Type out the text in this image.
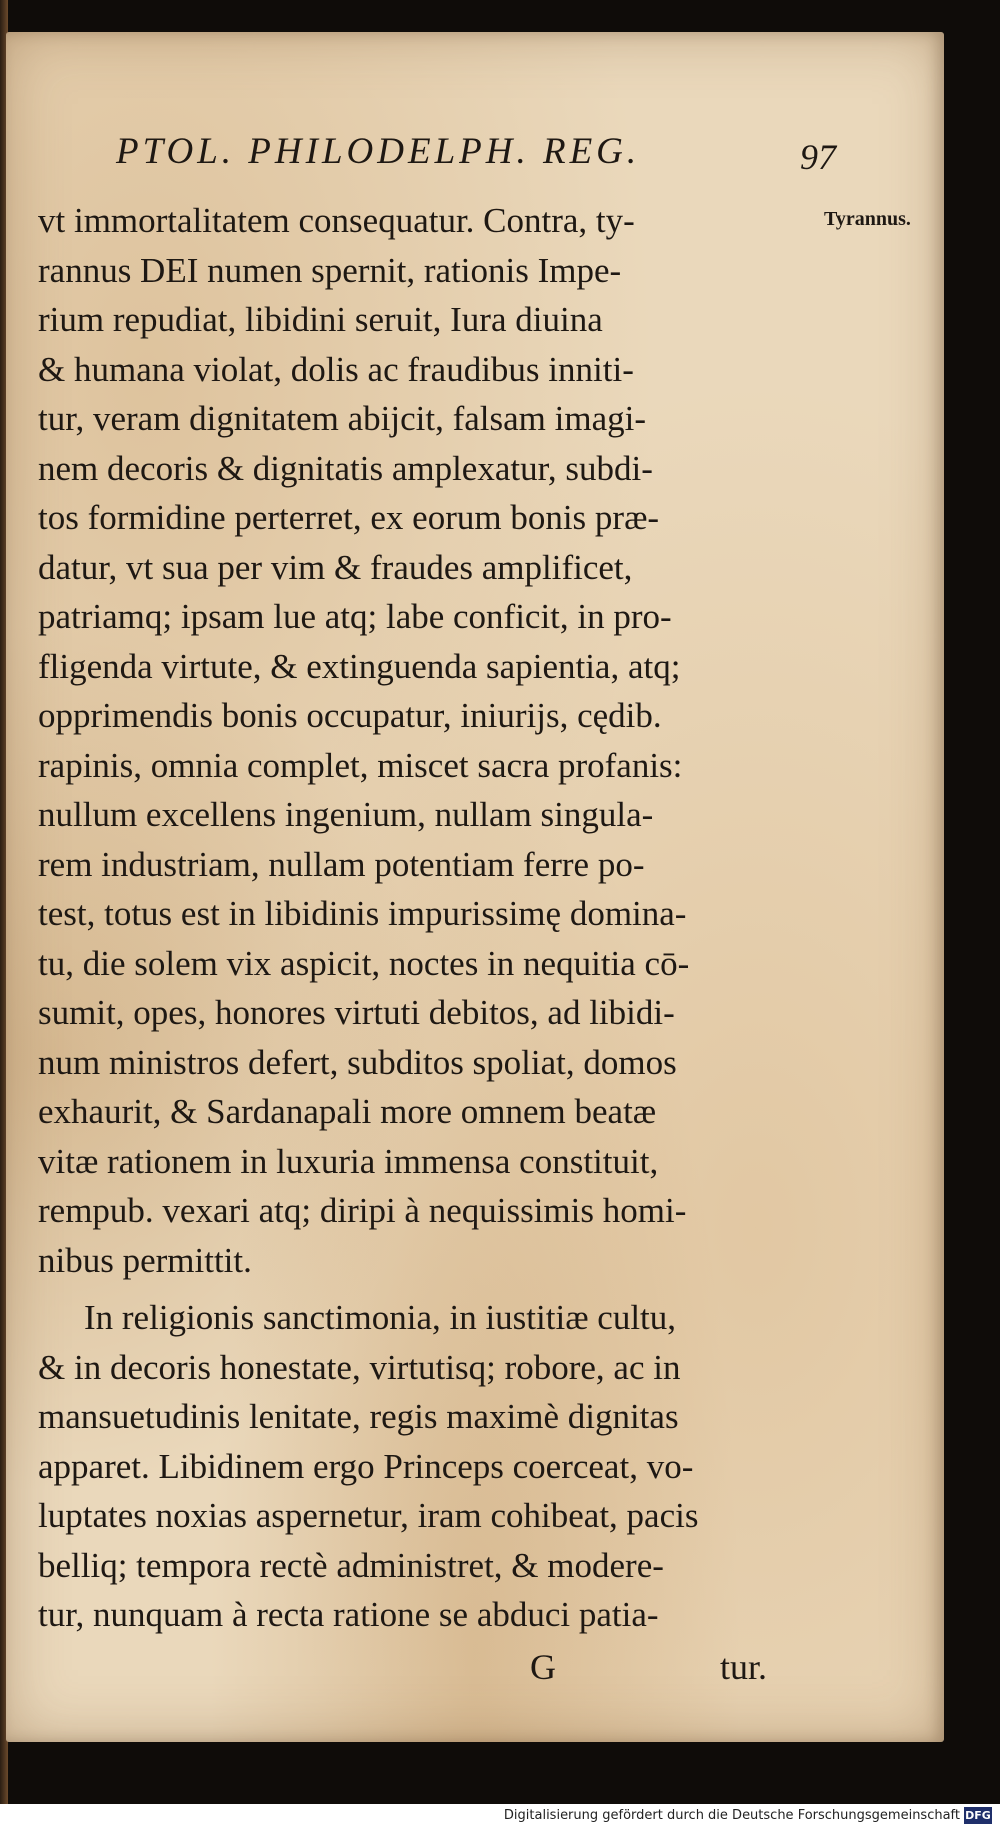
PTOL. PHILODELPH. REG.	97
Tyrannus.
vt immortalitatem consequatur. Contra, ty-
rannus DEI numen spernit, rationis Impe-
rium repudiat, libidini seruit, Iura diuina
& humana violat, dolis ac fraudibus inniti-
tur, veram dignitatem abijcit, falsam imagi-
nem decoris & dignitatis amplexatur, subdi-
tos formidine perterret, ex eorum bonis præ-
datur, vt sua per vim & fraudes amplificet,
patriamq; ipsam lue atq; labe conficit, in pro-
fligenda virtute, & extinguenda sapientia, atq;
opprimendis bonis occupatur, iniurijs, cędib.
rapinis, omnia complet, miscet sacra profanis:
nullum excellens ingenium, nullam singula-
rem industriam, nullam potentiam ferre po-
test, totus est in libidinis impurissimę domina-
tu, die solem vix aspicit, noctes in nequitia cō-
sumit, opes, honores virtuti debitos, ad libidi-
num ministros defert, subditos spoliat, domos
exhaurit, & Sardanapali more omnem beatæ
vitæ rationem in luxuria immensa constituit,
rempub. vexari atq; diripi à nequissimis homi-
nibus permittit.
In religionis sanctimonia, in iustitiæ cultu,
& in decoris honestate, virtutisq; robore, ac in
mansuetudinis lenitate, regis maximè dignitas
apparet. Libidinem ergo Princeps coerceat, vo-
luptates noxias aspernetur, iram cohibeat, pacis
belliq; tempora rectè administret, & modere-
tur, nunquam à recta ratione se abduci patia-
G	tur.
Digitalisierung gefördert durch die Deutsche Forschungsgemeinschaft DFG
